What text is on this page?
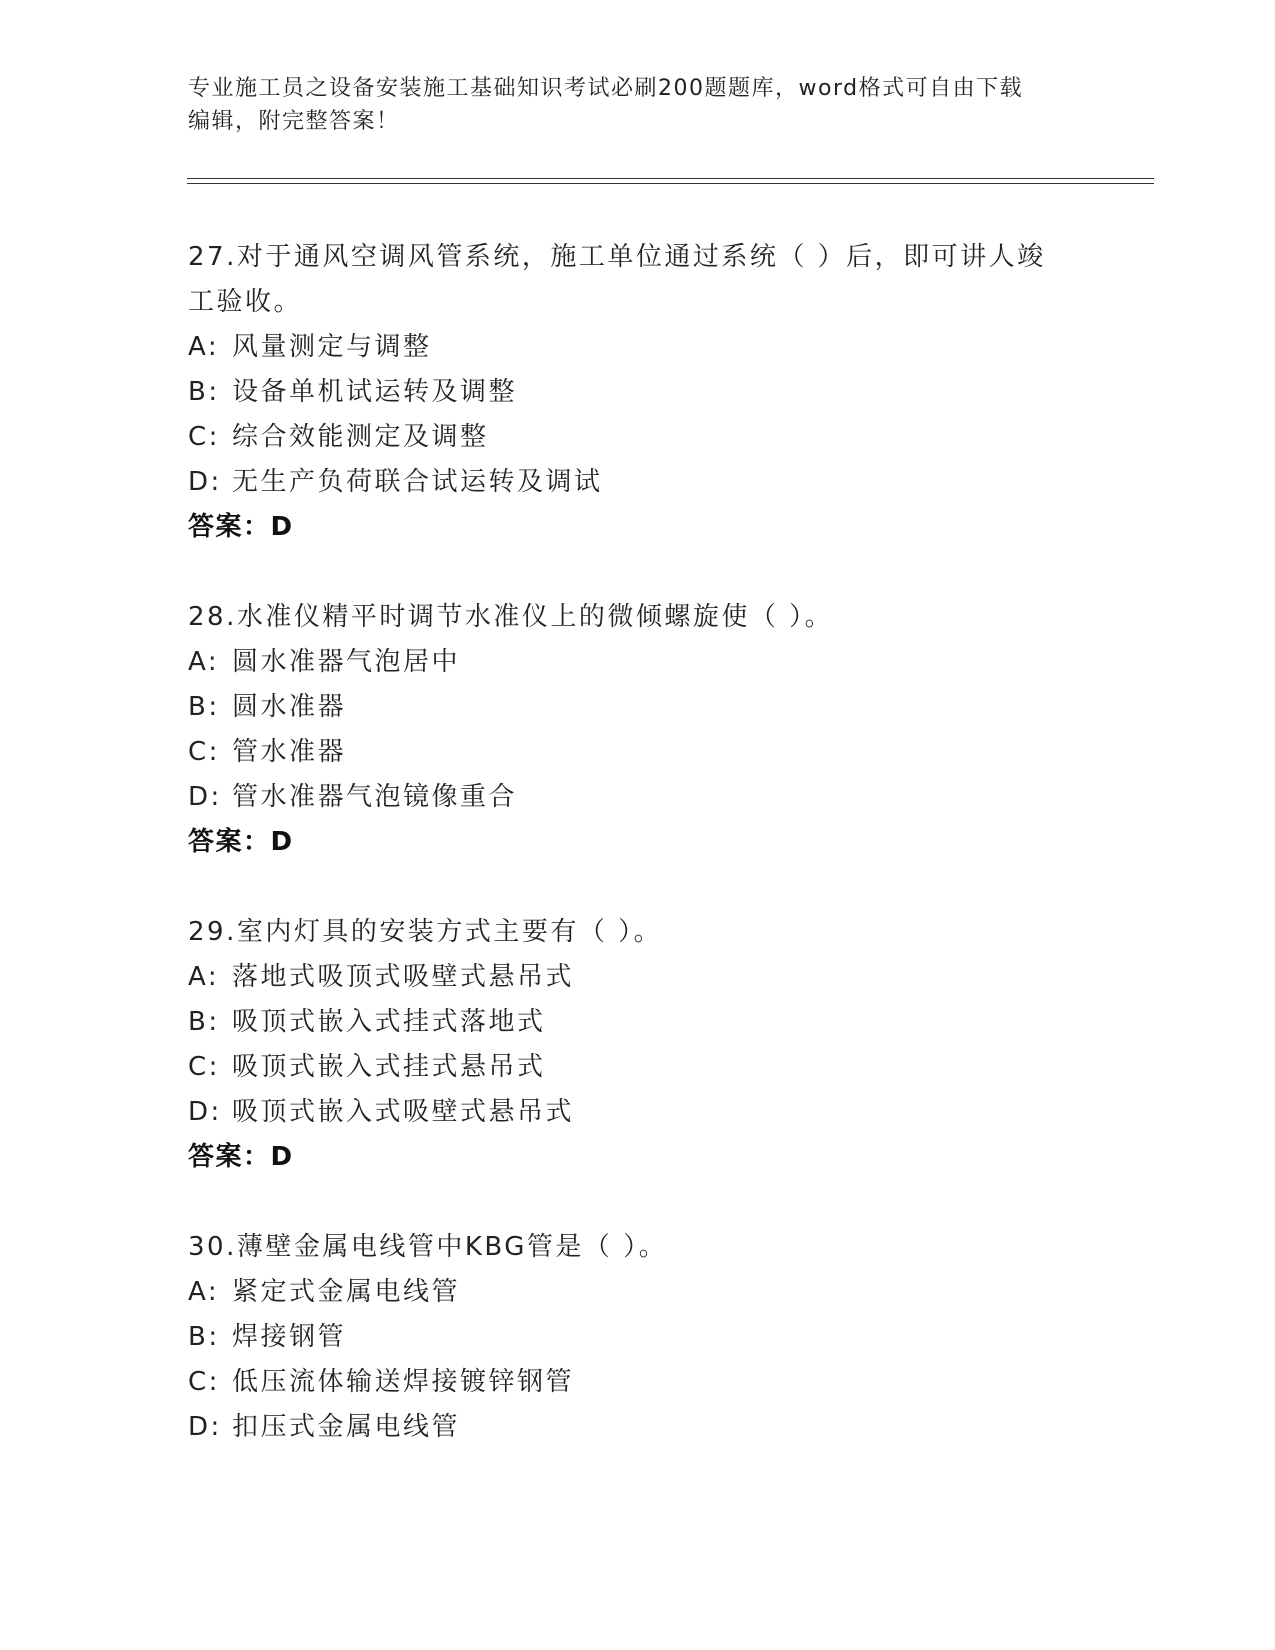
专业施工员之设备安装施工基础知识考试必刷200题题库，word格式可自由下载
编辑，附完整答案！

27.对于通风空调风管系统，施工单位通过系统（ ）后，即可讲人竣
工验收。

A: 风量测定与调整

B: 设备单机试运转及调整

C: 综合效能测定及调整

D: 无生产负荷联合试运转及调试

答案：D

28.水准仪精平时调节水准仪上的微倾螺旋使（ ）。

A: 圆水准器气泡居中

B: 圆水准器

C: 管水准器

D: 管水准器气泡镜像重合

答案：D

29.室内灯具的安装方式主要有（ ）。

A: 落地式吸顶式吸壁式悬吊式

B: 吸顶式嵌入式挂式落地式

C: 吸顶式嵌入式挂式悬吊式

D: 吸顶式嵌入式吸壁式悬吊式

答案：D

30.薄壁金属电线管中KBG管是（ ）。

A: 紧定式金属电线管

B: 焊接钢管

C: 低压流体输送焊接镀锌钢管

D: 扣压式金属电线管
